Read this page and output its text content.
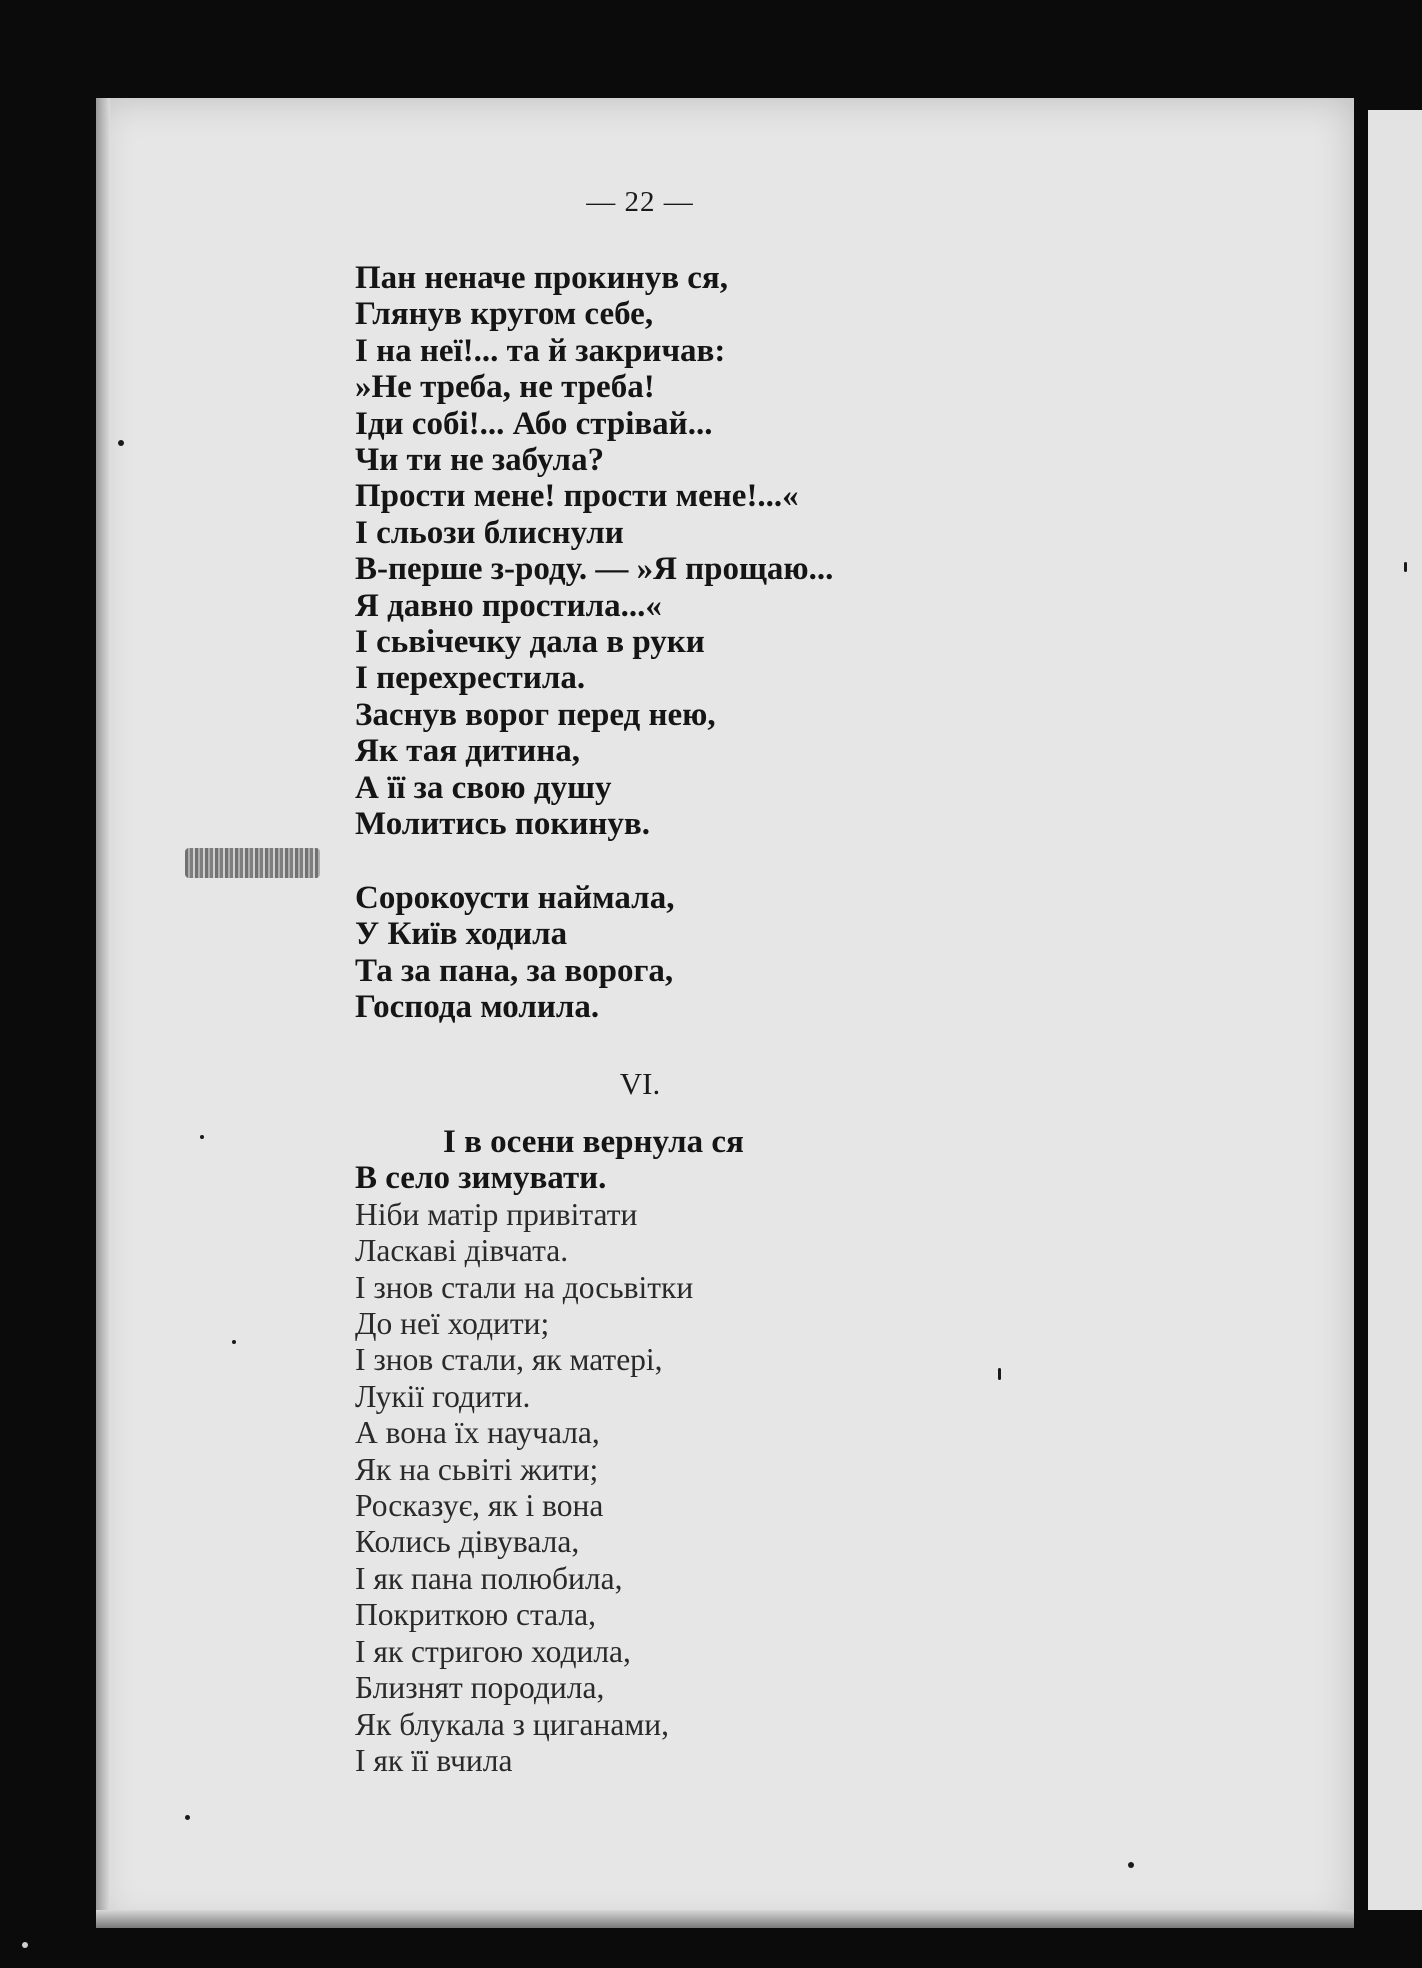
— 22 —
Пан неначе прокинув ся,
Глянув кругом себе,
І на неї!... та й закричав:
»Не треба, не треба!
Іди собі!... Або стрівай...
Чи ти не забула?
Прости мене! прости мене!...«
І сльози блиснули
В-перше з-роду. — »Я прощаю...
Я давно простила...«
І сьвічечку дала в руки
І перехрестила.
Заснув ворог перед нею,
Як тая дитина,
А її за свою душу
Молитись покинув.
Сорокоусти наймала,
У Київ ходила
Та за пана, за ворога,
Господа молила.
VI.
І в осени вернула ся
В село зимувати.
Ніби матір привітати
Ласкаві дівчата.
І знов стали на досьвітки
До неї ходити;
І знов стали, як матері,
Лукії годити.
А вона їх научала,
Як на сьвіті жити;
Росказує, як і вона
Колись дівувала,
І як пана полюбила,
Покриткою стала,
І як стригою ходила,
Близнят породила,
Як блукала з циганами,
І як її вчила
